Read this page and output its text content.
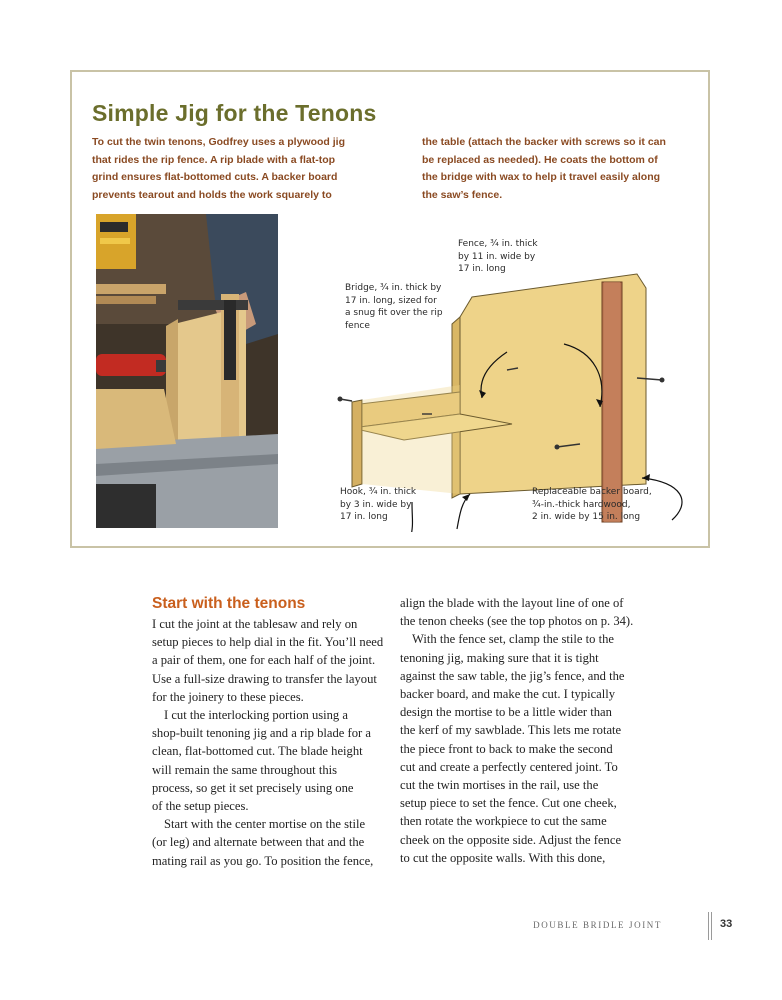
Simple Jig for the Tenons
To cut the twin tenons, Godfrey uses a plywood jig
that rides the rip fence. A rip blade with a flat-top
grind ensures flat-bottomed cuts. A backer board
prevents tearout and holds the work squarely to
the table (attach the backer with screws so it can
be replaced as needed). He coats the bottom of
the bridge with wax to help it travel easily along
the saw’s fence.
Fence, ¾ in. thick
by 11 in. wide by
17 in. long
Bridge, ¾ in. thick by
17 in. long, sized for
a snug fit over the rip
fence
Hook, ¾ in. thick
by 3 in. wide by
17 in. long
Replaceable backer board,
¾-in.-thick hardwood,
2 in. wide by 15 in. long
Start with the tenons
I cut the joint at the tablesaw and rely on
setup pieces to help dial in the fit. You’ll need
a pair of them, one for each half of the joint.
Use a full-size drawing to transfer the layout
for the joinery to these pieces.
I cut the interlocking portion using a
shop-built tenoning jig and a rip blade for a
clean, flat-bottomed cut. The blade height
will remain the same throughout this
process, so get it set precisely using one
of the setup pieces.
Start with the center mortise on the stile
(or leg) and alternate between that and the
mating rail as you go. To position the fence,
align the blade with the layout line of one of
the tenon cheeks (see the top photos on p. 34).
With the fence set, clamp the stile to the
tenoning jig, making sure that it is tight
against the saw table, the jig’s fence, and the
backer board, and make the cut. I typically
design the mortise to be a little wider than
the kerf of my sawblade. This lets me rotate
the piece front to back to make the second
cut and create a perfectly centered joint. To
cut the twin mortises in the rail, use the
setup piece to set the fence. Cut one cheek,
then rotate the workpiece to cut the same
cheek on the opposite side. Adjust the fence
to cut the opposite walls. With this done,
DOUBLE BRIDLE JOINT	33
